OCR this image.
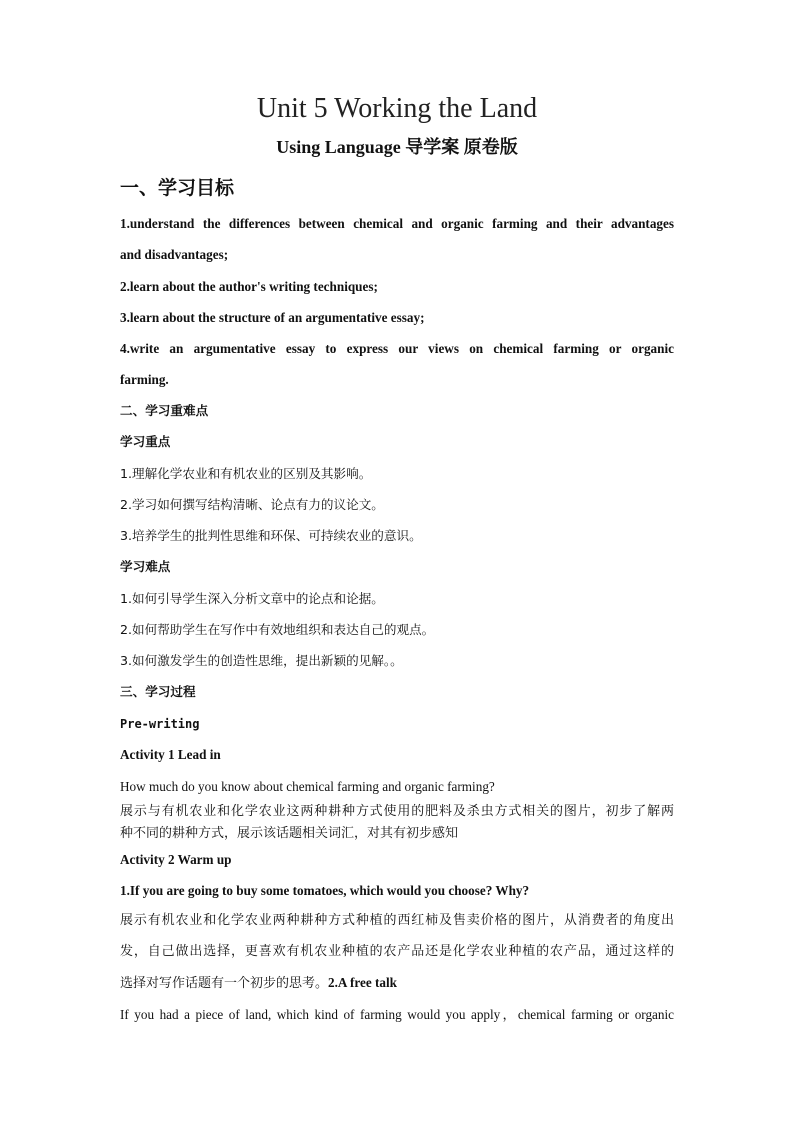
Unit 5 Working the Land
Using Language 导学案 原卷版
一、学习目标
1.understand the differences between chemical and organic farming and their advantages
and disadvantages;
2.learn about the author's writing techniques;
3.learn about the structure of an argumentative essay;
4.write an argumentative essay to express our views on chemical farming or organic
farming.
二、学习重难点
学习重点
1.理解化学农业和有机农业的区别及其影响。
2.学习如何撰写结构清晰、论点有力的议论文。
3.培养学生的批判性思维和环保、可持续农业的意识。
学习难点
1.如何引导学生深入分析文章中的论点和论据。
2.如何帮助学生在写作中有效地组织和表达自己的观点。
3.如何激发学生的创造性思维，提出新颖的见解。。
三、学习过程
Pre-writing
Activity 1 Lead in
How much do you know about chemical farming and organic farming?
展示与有机农业和化学农业这两种耕种方式使用的肥料及杀虫方式相关的图片，初步了解两
种不同的耕种方式，展示该话题相关词汇，对其有初步感知
Activity 2 Warm up
1.If you are going to buy some tomatoes, which would you choose? Why?
展示有机农业和化学农业两种耕种方式种植的西红柿及售卖价格的图片，从消费者的角度出
发，自己做出选择，更喜欢有机农业种植的农产品还是化学农业种植的农产品，通过这样的
选择对写作话题有一个初步的思考。2.A free talk
If you had a piece of land, which kind of farming would you apply，chemical farming or organic
